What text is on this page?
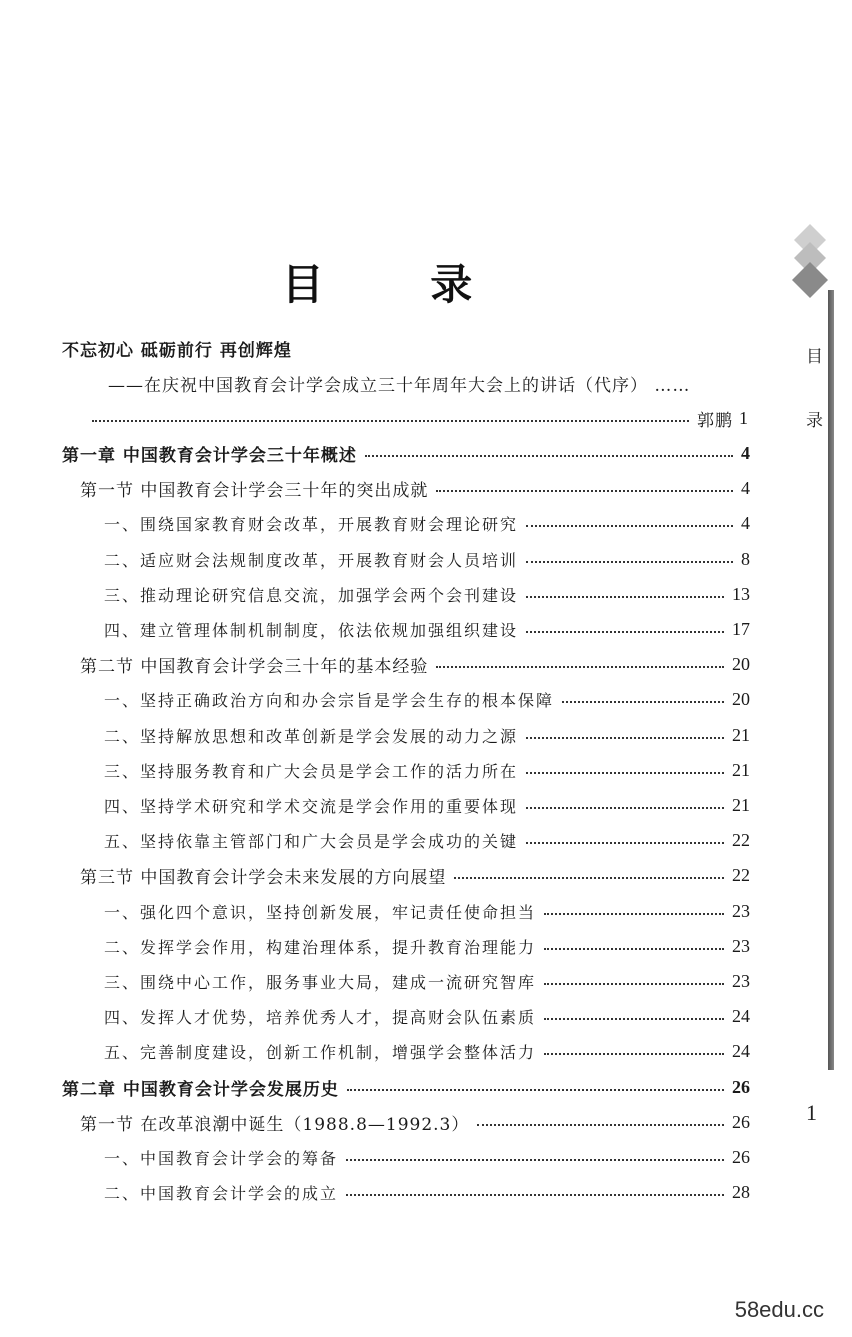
目 录
目
录
1
不忘初心 砥砺前行 再创辉煌
——在庆祝中国教育会计学会成立三十年周年大会上的讲话（代序） ……
郭鹏 1
第一章 中国教育会计学会三十年概述	4
第一节 中国教育会计学会三十年的突出成就	4
一、围绕国家教育财会改革，开展教育财会理论研究	4
二、适应财会法规制度改革，开展教育财会人员培训	8
三、推动理论研究信息交流，加强学会两个会刊建设	13
四、建立管理体制机制制度，依法依规加强组织建设	17
第二节 中国教育会计学会三十年的基本经验	20
一、坚持正确政治方向和办会宗旨是学会生存的根本保障	20
二、坚持解放思想和改革创新是学会发展的动力之源	21
三、坚持服务教育和广大会员是学会工作的活力所在	21
四、坚持学术研究和学术交流是学会作用的重要体现	21
五、坚持依靠主管部门和广大会员是学会成功的关键	22
第三节 中国教育会计学会未来发展的方向展望	22
一、强化四个意识，坚持创新发展，牢记责任使命担当	23
二、发挥学会作用，构建治理体系，提升教育治理能力	23
三、围绕中心工作，服务事业大局，建成一流研究智库	23
四、发挥人才优势，培养优秀人才，提高财会队伍素质	24
五、完善制度建设，创新工作机制，增强学会整体活力	24
第二章 中国教育会计学会发展历史	26
第一节 在改革浪潮中诞生（1988.8—1992.3）	26
一、中国教育会计学会的筹备	26
二、中国教育会计学会的成立	28
58edu.cc
